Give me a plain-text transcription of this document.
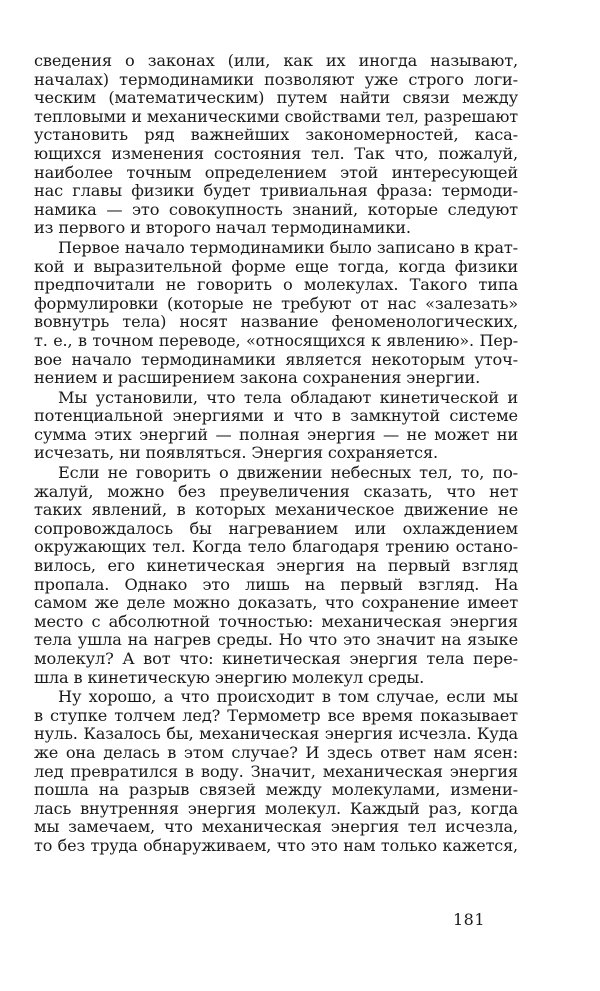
сведения о законах (или, как их иногда называют,
началах) термодинамики позволяют уже строго логи-
ческим (математическим) путем найти связи между
тепловыми и механическими свойствами тел, разрешают
установить ряд важнейших закономерностей, каса-
ющихся изменения состояния тел. Так что, пожалуй,
наиболее точным определением этой интересующей
нас главы физики будет тривиальная фраза: термоди-
намика — это совокупность знаний, которые следуют
из первого и второго начал термодинамики.
Первое начало термодинамики было записано в крат-
кой и выразительной форме еще тогда, когда физики
предпочитали не говорить о молекулах. Такого типа
формулировки (которые не требуют от нас «залезать»
вовнутрь тела) носят название феноменологических,
т. е., в точном переводе, «относящихся к явлению». Пер-
вое начало термодинамики является некоторым уточ-
нением и расширением закона сохранения энергии.
Мы установили, что тела обладают кинетической и
потенциальной энергиями и что в замкнутой системе
сумма этих энергий — полная энергия — не может ни
исчезать, ни появляться. Энергия сохраняется.
Если не говорить о движении небесных тел, то, по-
жалуй, можно без преувеличения сказать, что нет
таких явлений, в которых механическое движение не
сопровождалось бы нагреванием или охлаждением
окружающих тел. Когда тело благодаря трению остано-
вилось, его кинетическая энергия на первый взгляд
пропала. Однако это лишь на первый взгляд. На
самом же деле можно доказать, что сохранение имеет
место с абсолютной точностью: механическая энергия
тела ушла на нагрев среды. Но что это значит на языке
молекул? А вот что: кинетическая энергия тела пере-
шла в кинетическую энергию молекул среды.
Ну хорошо, а что происходит в том случае, если мы
в ступке толчем лед? Термометр все время показывает
нуль. Казалось бы, механическая энергия исчезла. Куда
же она делась в этом случае? И здесь ответ нам ясен:
лед превратился в воду. Значит, механическая энергия
пошла на разрыв связей между молекулами, измени-
лась внутренняя энергия молекул. Каждый раз, когда
мы замечаем, что механическая энергия тел исчезла,
то без труда обнаруживаем, что это нам только кажется,
181
